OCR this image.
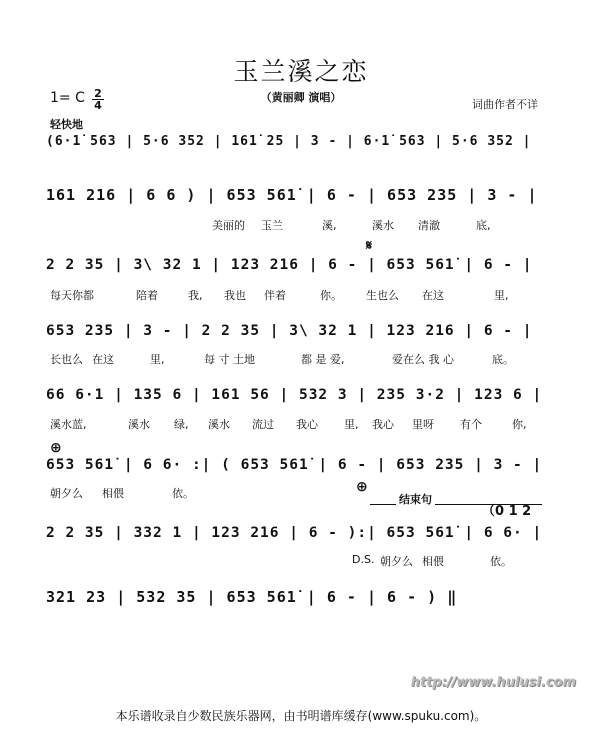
玉兰溪之恋
（黄丽卿 演唱）
词曲作者不详
1= C $\frac{2}{4}$
轻快地
(6·1̇ 563 | 5·6 352 | 161̇ 25 | 3 - | 6·1̇ 563 | 5·6 352 |
161 216 | 6 6 ) | 653 561̇ | 6 - | 653 235 | 3 - |
美丽的 玉兰	溪,	溪水 清澈	底,
𝄋
2 2 35 | 3\ 32 1 | 123 216 | 6 - | 653 561̇ | 6 - |
每天你都	陪着	我, 我也 伴着	你。 生也么 在这	里,
653 235 | 3 - | 2 2 35 | 3\ 32 1 | 123 216 | 6 - |
长也么 在这	里,	每 寸 土地	都 是 爱,	爱在么 我 心	底。
66 6·1 | 135 6 | 161 56 | 532 3 | 235 3·2 | 123 6 |
溪水蓝,	溪水 绿, 溪水 流过 我心 里, 我心 里呀 有个	你,
⊕
653 561̇ | 6 6· :| ( 653 561̇ | 6 - | 653 235 | 3 - |
朝夕么 相偎	依。	⊕
结束句
（0 1 2
2 2 35 | 332 1 | 123 216 | 6 - ):| 653 561̇ | 6 6· |
D.S. 朝夕么 相偎	依。
321 23 | 532 35 | 653 561̇ | 6 - | 6 - ) ‖
http://www.hulusi.com
本乐谱收录自少数民族乐器网，由书明谱库缓存(www.spuku.com)。
